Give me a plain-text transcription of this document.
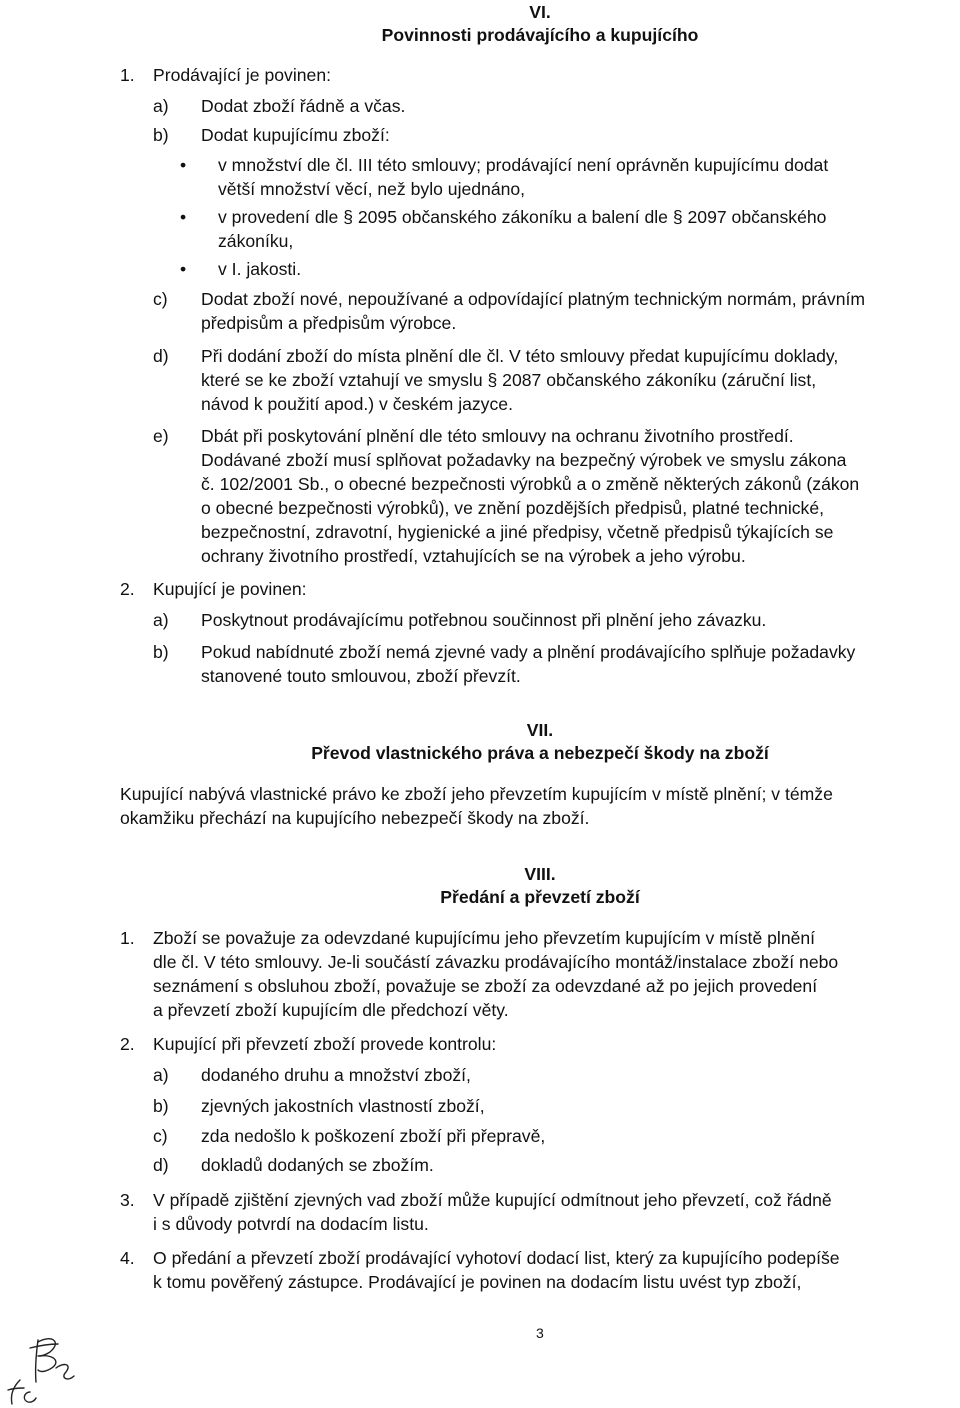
VI.
Povinnosti prodávajícího a kupujícího
1. Prodávající je povinen:
a) Dodat zboží řádně a včas.
b) Dodat kupujícímu zboží:
• v množství dle čl. III této smlouvy; prodávající není oprávněn kupujícímu dodat
větší množství věcí, než bylo ujednáno,
• v provedení dle § 2095 občanského zákoníku a balení dle § 2097 občanského
zákoníku,
• v I. jakosti.
c) Dodat zboží nové, nepoužívané a odpovídající platným technickým normám, právním
předpisům a předpisům výrobce.
d) Při dodání zboží do místa plnění dle čl. V této smlouvy předat kupujícímu doklady,
které se ke zboží vztahují ve smyslu § 2087 občanského zákoníku (záruční list,
návod k použití apod.) v českém jazyce.
e) Dbát při poskytování plnění dle této smlouvy na ochranu životního prostředí.
Dodávané zboží musí splňovat požadavky na bezpečný výrobek ve smyslu zákona
č. 102/2001 Sb., o obecné bezpečnosti výrobků a o změně některých zákonů (zákon
o obecné bezpečnosti výrobků), ve znění pozdějších předpisů, platné technické,
bezpečnostní, zdravotní, hygienické a jiné předpisy, včetně předpisů týkajících se
ochrany životního prostředí, vztahujících se na výrobek a jeho výrobu.
2. Kupující je povinen:
a) Poskytnout prodávajícímu potřebnou součinnost při plnění jeho závazku.
b) Pokud nabídnuté zboží nemá zjevné vady a plnění prodávajícího splňuje požadavky
stanovené touto smlouvou, zboží převzít.
VII.
Převod vlastnického práva a nebezpečí škody na zboží
Kupující nabývá vlastnické právo ke zboží jeho převzetím kupujícím v místě plnění; v témže
okamžiku přechází na kupujícího nebezpečí škody na zboží.
VIII.
Předání a převzetí zboží
1. Zboží se považuje za odevzdané kupujícímu jeho převzetím kupujícím v místě plnění
dle čl. V této smlouvy. Je-li součástí závazku prodávajícího montáž/instalace zboží nebo
seznámení s obsluhou zboží, považuje se zboží za odevzdané až po jejich provedení
a převzetí zboží kupujícím dle předchozí věty.
2. Kupující při převzetí zboží provede kontrolu:
a) dodaného druhu a množství zboží,
b) zjevných jakostních vlastností zboží,
c) zda nedošlo k poškození zboží při přepravě,
d) dokladů dodaných se zbožím.
3. V případě zjištění zjevných vad zboží může kupující odmítnout jeho převzetí, což řádně
i s důvody potvrdí na dodacím listu.
4. O předání a převzetí zboží prodávající vyhotoví dodací list, který za kupujícího podepíše
k tomu pověřený zástupce. Prodávající je povinen na dodacím listu uvést typ zboží,
3
